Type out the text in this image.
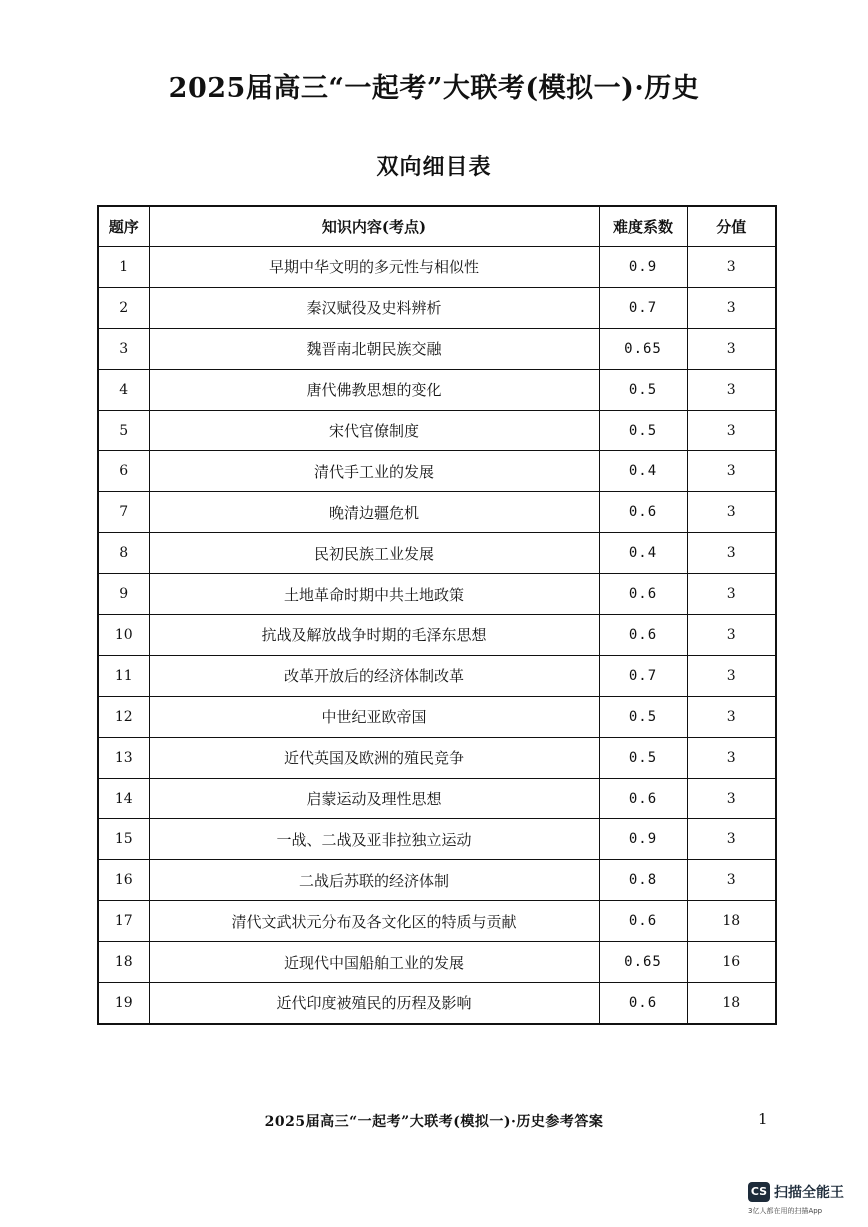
2025届高三“一起考”大联考(模拟一)·历史
双向细目表
题序	知识内容(考点)	难度系数	分值
1	早期中华文明的多元性与相似性	0.9	3
2	秦汉赋役及史料辨析	0.7	3
3	魏晋南北朝民族交融	0.65	3
4	唐代佛教思想的变化	0.5	3
5	宋代官僚制度	0.5	3
6	清代手工业的发展	0.4	3
7	晚清边疆危机	0.6	3
8	民初民族工业发展	0.4	3
9	土地革命时期中共土地政策	0.6	3
10	抗战及解放战争时期的毛泽东思想	0.6	3
11	改革开放后的经济体制改革	0.7	3
12	中世纪亚欧帝国	0.5	3
13	近代英国及欧洲的殖民竞争	0.5	3
14	启蒙运动及理性思想	0.6	3
15	一战、二战及亚非拉独立运动	0.9	3
16	二战后苏联的经济体制	0.8	3
17	清代文武状元分布及各文化区的特质与贡献	0.6	18
18	近现代中国船舶工业的发展	0.65	16
19	近代印度被殖民的历程及影响	0.6	18
2025届高三“一起考”大联考(模拟一)·历史参考答案	1
CS 扫描全能王
3亿人都在用的扫描App
